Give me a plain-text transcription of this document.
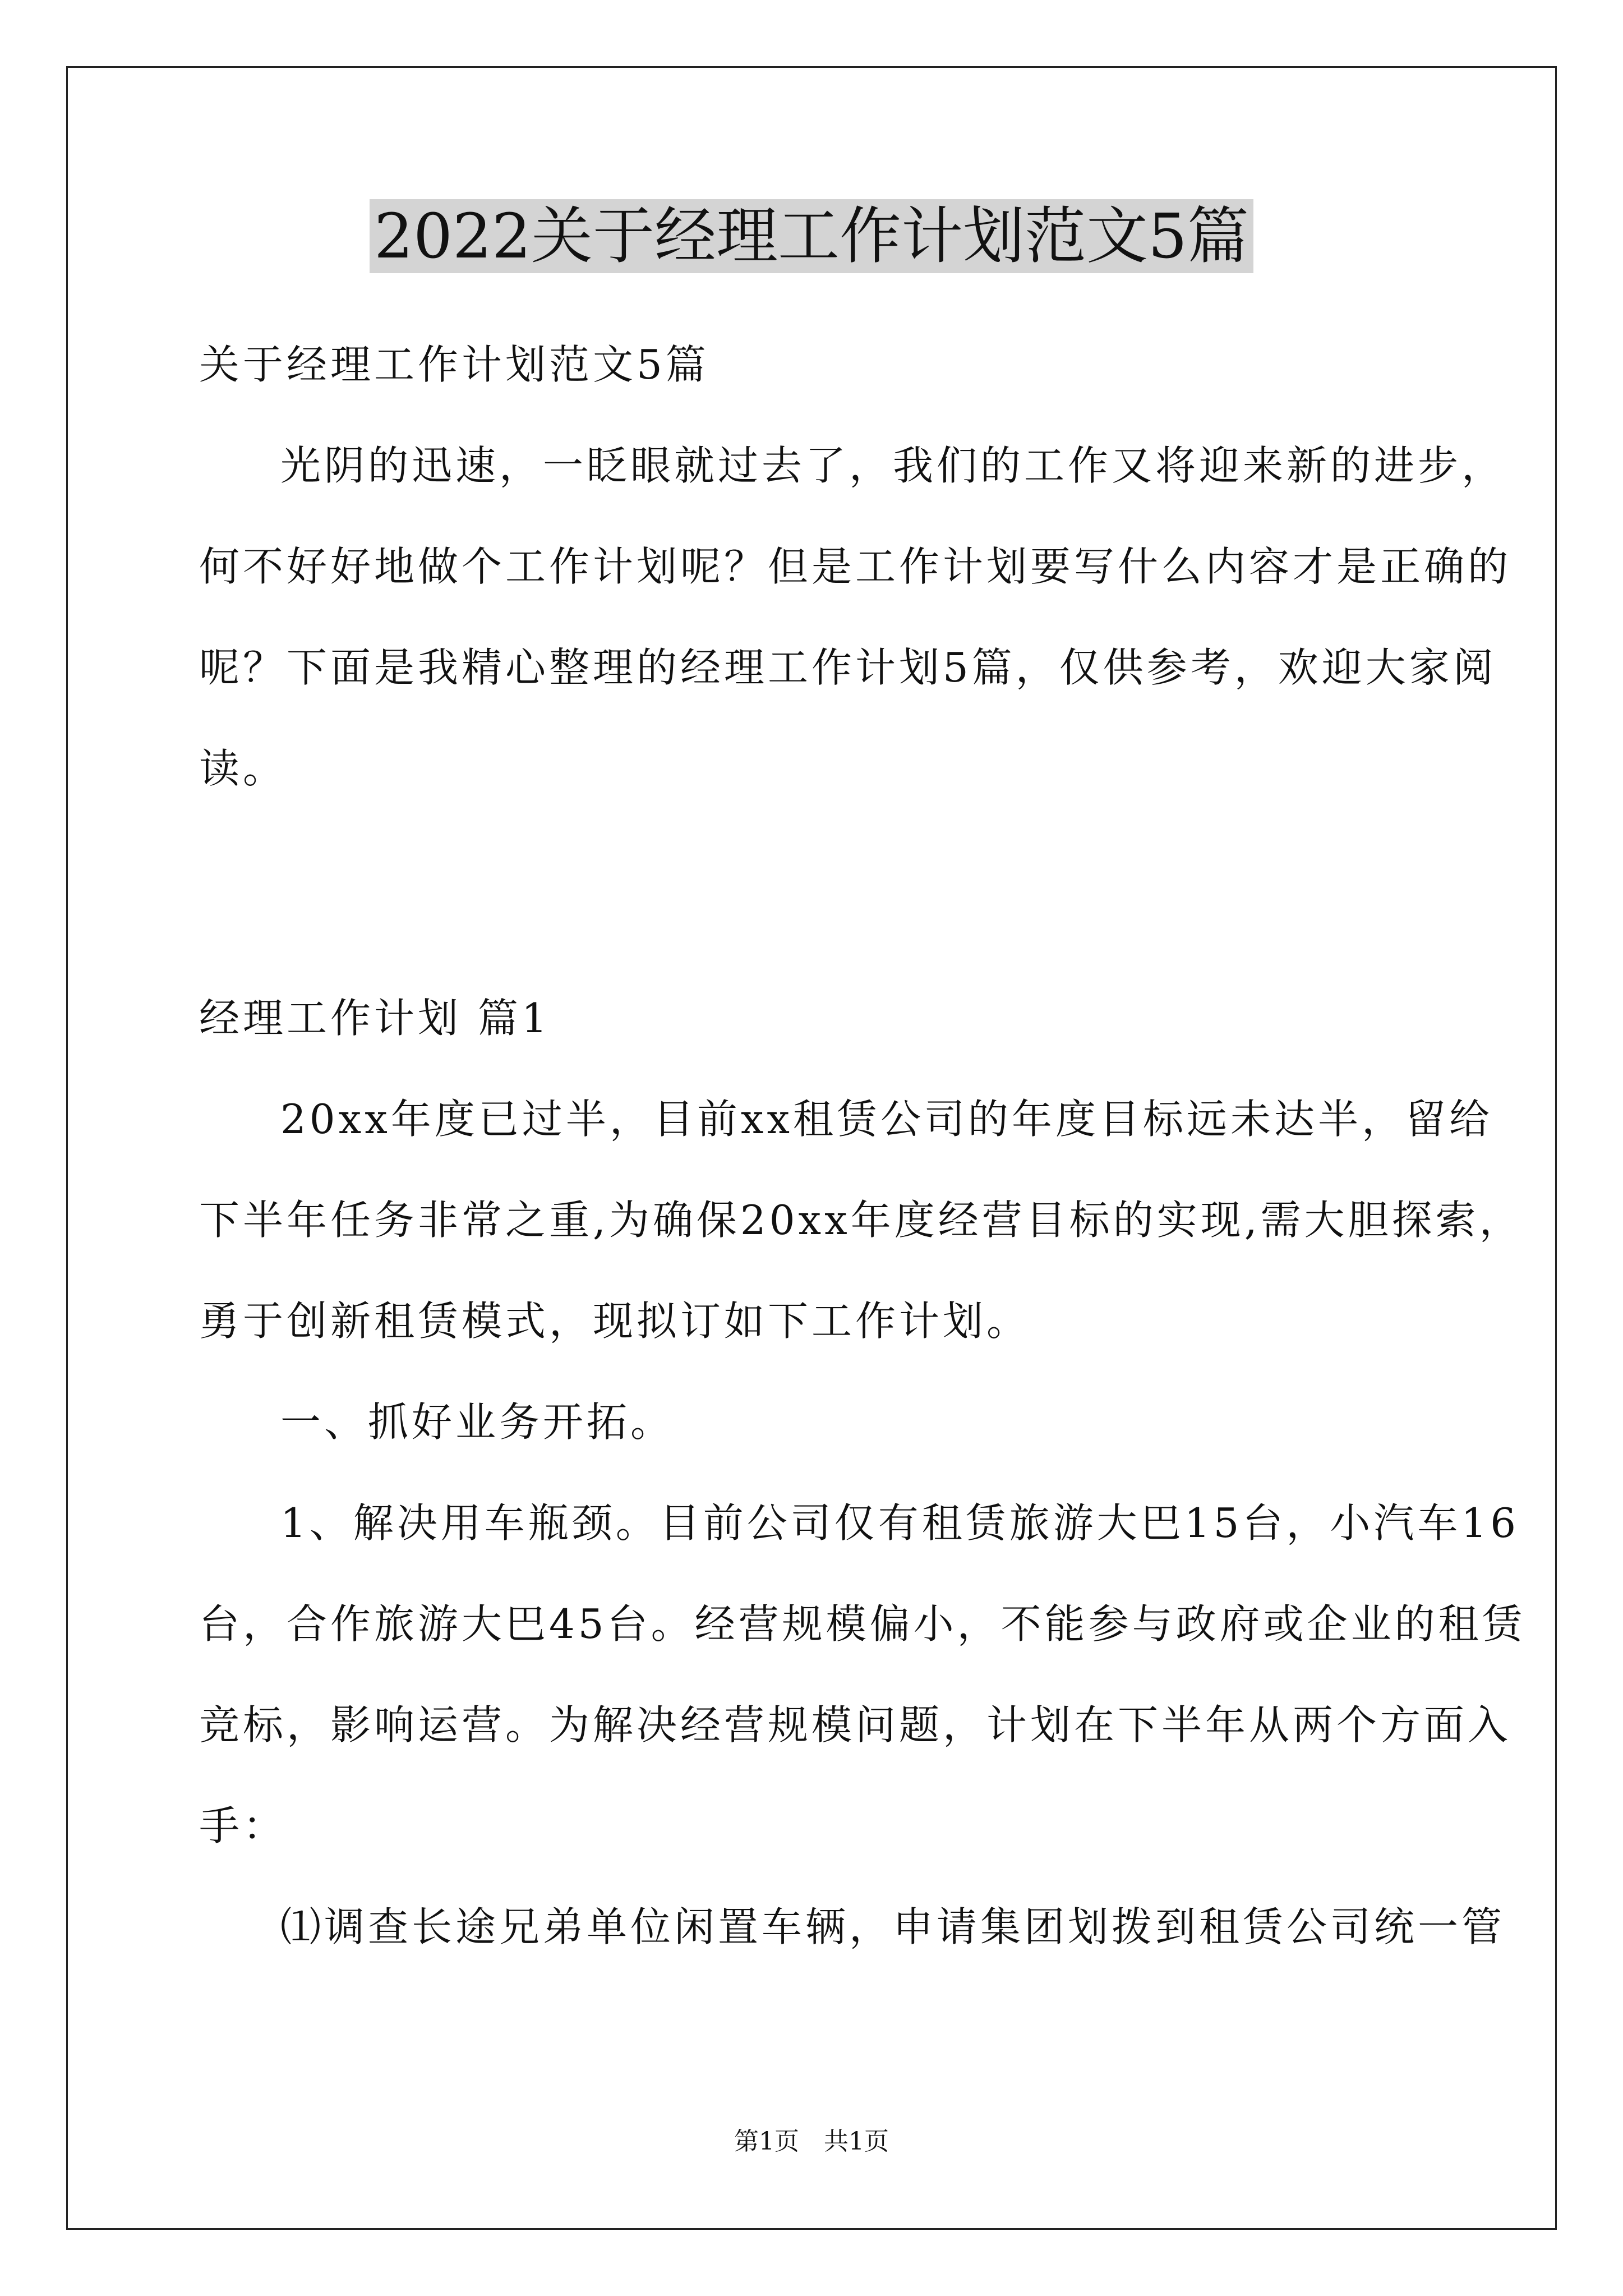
2022关于经理工作计划范文5篇
关于经理工作计划范文5篇
光阴的迅速，一眨眼就过去了，我们的工作又将迎来新的进步，
何不好好地做个工作计划呢？但是工作计划要写什么内容才是正确的
呢？下面是我精心整理的经理工作计划5篇，仅供参考，欢迎大家阅
读。
经理工作计划 篇1
20xx年度已过半，目前xx租赁公司的年度目标远未达半，留给
下半年任务非常之重,为确保20xx年度经营目标的实现,需大胆探索，
勇于创新租赁模式，现拟订如下工作计划。
一、抓好业务开拓。
1、解决用车瓶颈。目前公司仅有租赁旅游大巴15台，小汽车16
台，合作旅游大巴45台。经营规模偏小，不能参与政府或企业的租赁
竞标，影响运营。为解决经营规模问题，计划在下半年从两个方面入
手：
⑴调查长途兄弟单位闲置车辆，申请集团划拨到租赁公司统一管
第1页　共1页
